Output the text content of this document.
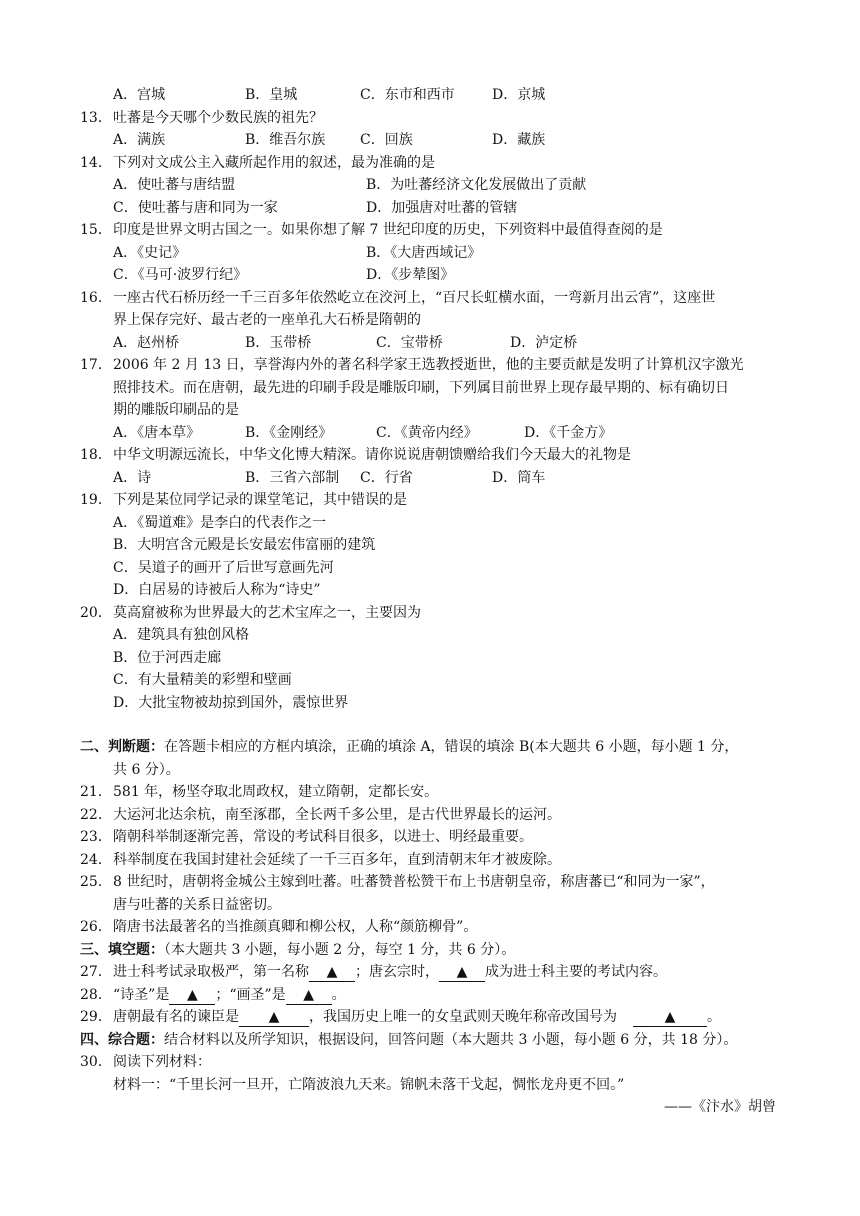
A．宫城	B．皇城	C．东市和西市	D．京城
13． 吐蕃是今天哪个少数民族的祖先？
A．满族	B．维吾尔族 C．回族	D．藏族
14． 下列对文成公主入藏所起作用的叙述，最为准确的是
A．使吐蕃与唐结盟	B．为吐蕃经济文化发展做出了贡献
C．使吐蕃与唐和同为一家	D．加强唐对吐蕃的管辖
15． 印度是世界文明古国之一。如果你想了解 7 世纪印度的历史，下列资料中最值得查阅的是
A．《史记》	B．《大唐西域记》
C．《马可·波罗行纪》	D．《步辇图》
16． 一座古代石桥历经一千三百多年依然屹立在洨河上，“百尺长虹横水面，一弯新月出云宵”，这座世
界上保存完好、最古老的一座单孔大石桥是隋朝的
A．赵州桥	B．玉带桥	C．宝带桥	D．泸定桥
17． 2006 年 2 月 13 日，享誉海内外的著名科学家王选教授逝世，他的主要贡献是发明了计算机汉字激光
照排技术。而在唐朝，最先进的印刷手段是雕版印刷，下列属目前世界上现存最早期的、标有确切日
期的雕版印刷品的是
A．《唐本草》	B．《金刚经》	C．《黄帝内经》	D．《千金方》
18． 中华文明源远流长，中华文化博大精深。请你说说唐朝馈赠给我们今天最大的礼物是
A．诗	B．三省六部制 C．行省	D．筒车
19． 下列是某位同学记录的课堂笔记，其中错误的是
A．《蜀道难》是李白的代表作之一
B．大明宫含元殿是长安最宏伟富丽的建筑
C．吴道子的画开了后世写意画先河
D．白居易的诗被后人称为“诗史”
20． 莫高窟被称为世界最大的艺术宝库之一，主要因为
A．建筑具有独创风格
B．位于河西走廊
C．有大量精美的彩塑和壁画
D．大批宝物被劫掠到国外，震惊世界
二、判断题：在答题卡相应的方框内填涂，正确的填涂 A，错误的填涂 B(本大题共 6 小题，每小题 1 分，
共 6 分）。
21． 581 年，杨坚夺取北周政权，建立隋朝，定都长安。
22． 大运河北达余杭，南至涿郡，全长两千多公里，是古代世界最长的运河。
23． 隋朝科举制逐渐完善，常设的考试科目很多，以进士、明经最重要。
24． 科举制度在我国封建社会延续了一千三百多年，直到清朝末年才被废除。
25． 8 世纪时，唐朝将金城公主嫁到吐蕃。吐蕃赞普松赞干布上书唐朝皇帝，称唐蕃已“和同为一家”，
唐与吐蕃的关系日益密切。
26． 隋唐书法最著名的当推颜真卿和柳公权，人称“颜筋柳骨”。
三、填空题：（本大题共 3 小题，每小题 2 分，每空 1 分，共 6 分）。
27． 进士科考试录取极严，第一名称 ▲ ；唐玄宗时， ▲ 成为进士科主要的考试内容。
28． “诗圣”是 ▲ ；“画圣”是 ▲ 。
29． 唐朝最有名的谏臣是 ▲ ，我国历史上唯一的女皇武则天晚年称帝改国号为	▲ 。
四、综合题：结合材料以及所学知识，根据设问，回答问题（本大题共 3 小题，每小题 6 分，共 18 分）。
30． 阅读下列材料：
材料一：“千里长河一旦开，亡隋波浪九天来。锦帆未落干戈起，惆怅龙舟更不回。”
——《汴水》胡曾
